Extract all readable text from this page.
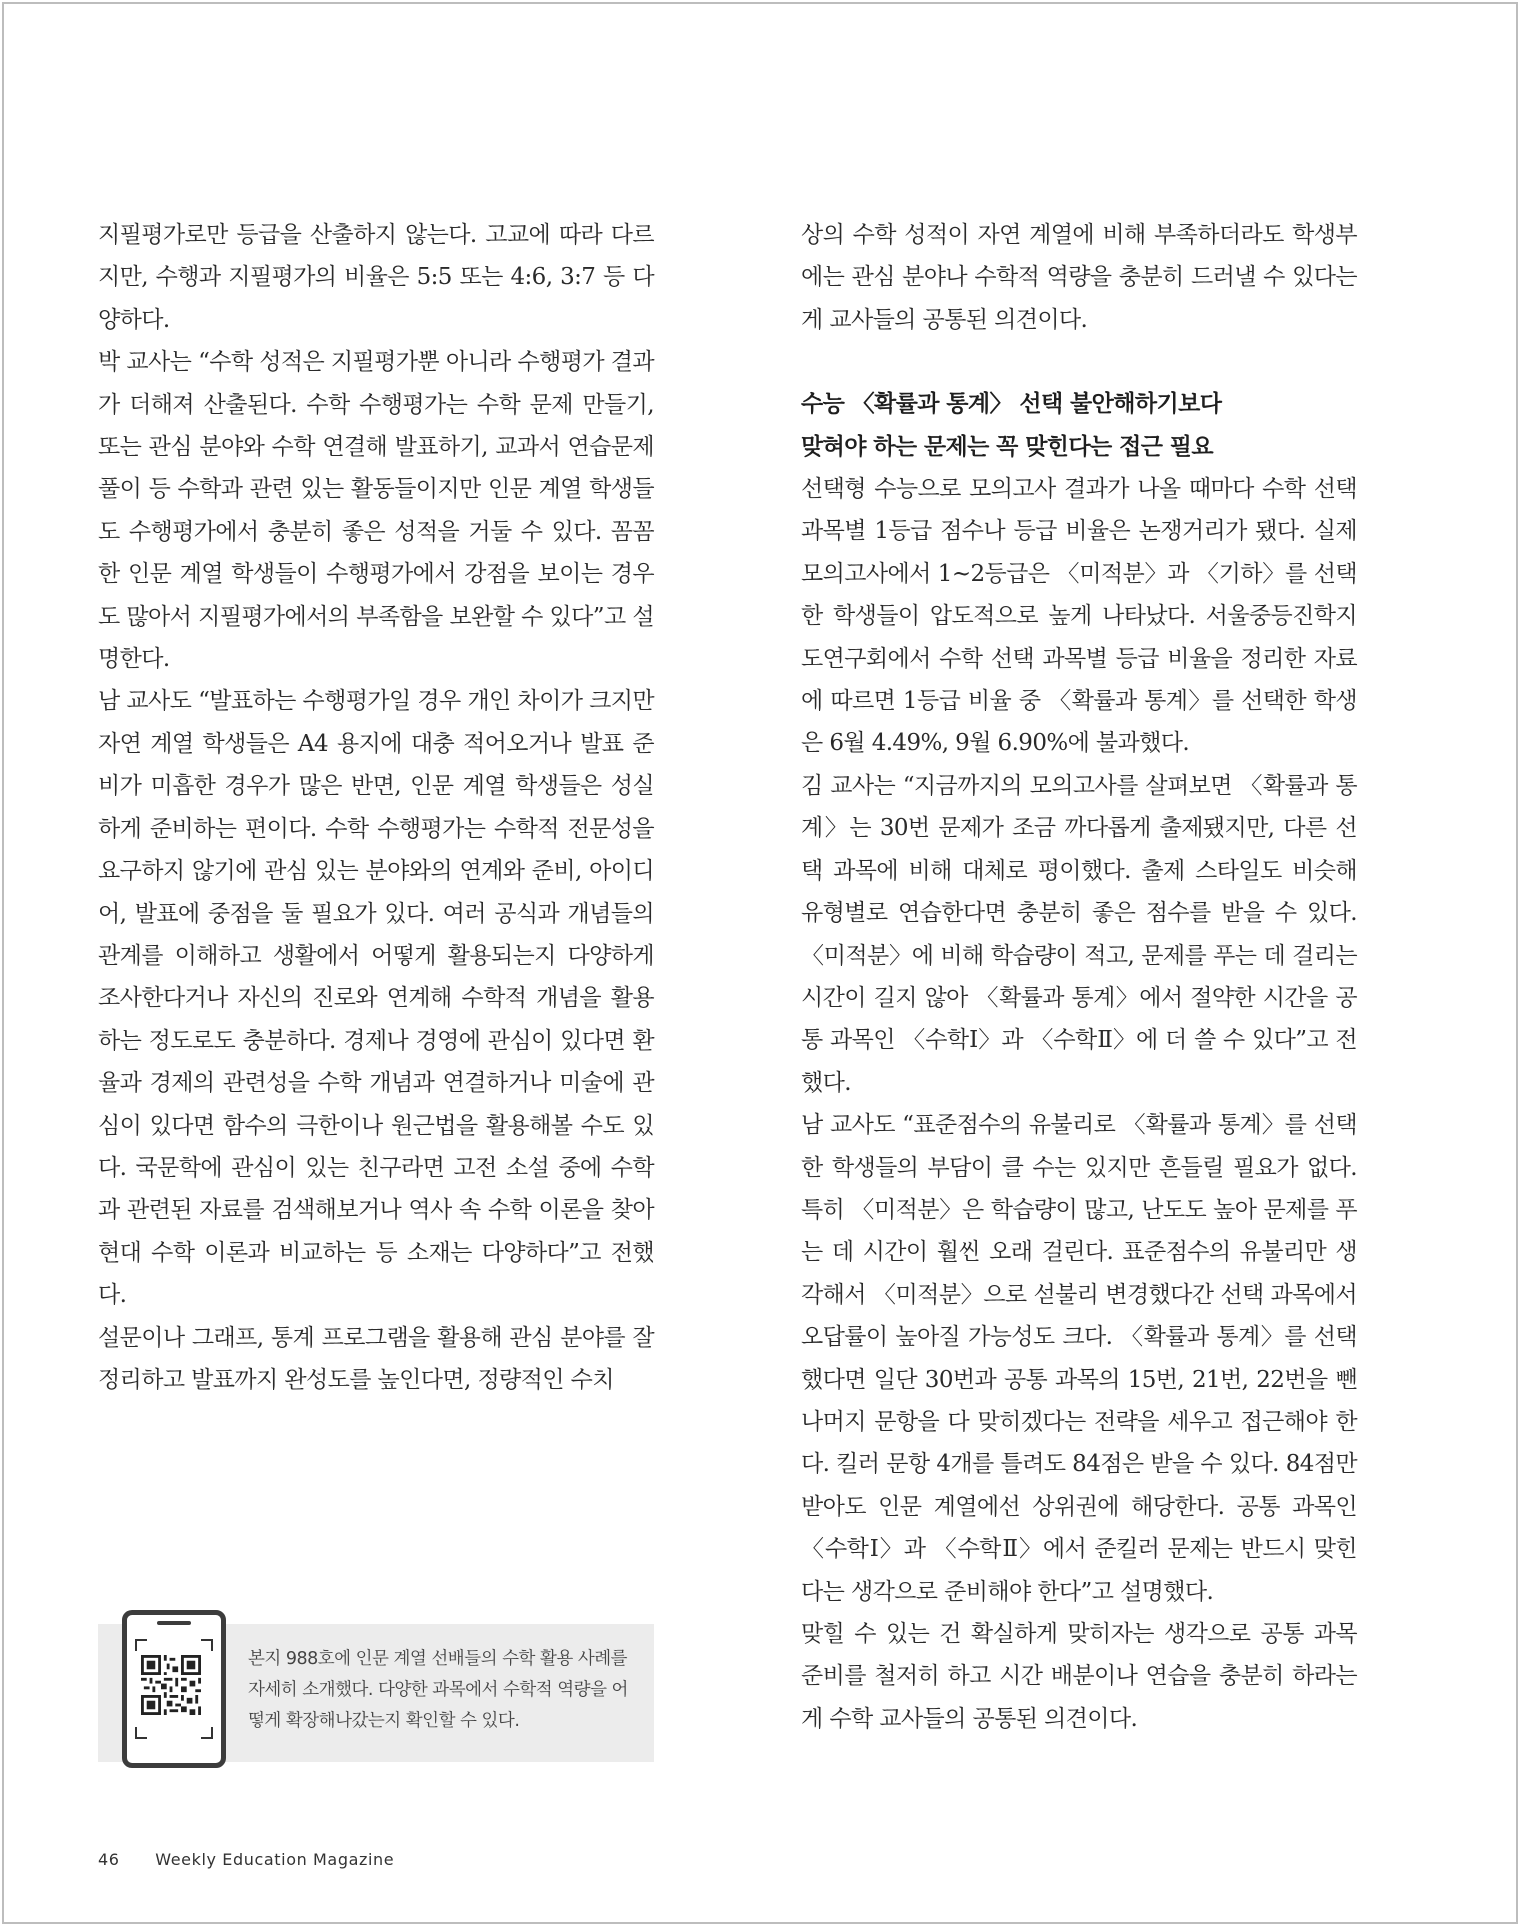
지필평가로만 등급을 산출하지 않는다. 고교에 따라 다르지만, 수행과 지필평가의 비율은 5:5 또는 4:6, 3:7 등 다양하다.

박 교사는 “수학 성적은 지필평가뿐 아니라 수행평가 결과가 더해져 산출된다. 수학 수행평가는 수학 문제 만들기, 또는 관심 분야와 수학 연결해 발표하기, 교과서 연습문제 풀이 등 수학과 관련 있는 활동들이지만 인문 계열 학생들도 수행평가에서 충분히 좋은 성적을 거둘 수 있다. 꼼꼼한 인문 계열 학생들이 수행평가에서 강점을 보이는 경우도 많아서 지필평가에서의 부족함을 보완할 수 있다”고 설명한다.

남 교사도 “발표하는 수행평가일 경우 개인 차이가 크지만 자연 계열 학생들은 A4 용지에 대충 적어오거나 발표 준비가 미흡한 경우가 많은 반면, 인문 계열 학생들은 성실하게 준비하는 편이다. 수학 수행평가는 수학적 전문성을 요구하지 않기에 관심 있는 분야와의 연계와 준비, 아이디어, 발표에 중점을 둘 필요가 있다. 여러 공식과 개념들의 관계를 이해하고 생활에서 어떻게 활용되는지 다양하게 조사한다거나 자신의 진로와 연계해 수학적 개념을 활용하는 정도로도 충분하다. 경제나 경영에 관심이 있다면 환율과 경제의 관련성을 수학 개념과 연결하거나 미술에 관심이 있다면 함수의 극한이나 원근법을 활용해볼 수도 있다. 국문학에 관심이 있는 친구라면 고전 소설 중에 수학과 관련된 자료를 검색해보거나 역사 속 수학 이론을 찾아 현대 수학 이론과 비교하는 등 소재는 다양하다”고 전했다.

설문이나 그래프, 통계 프로그램을 활용해 관심 분야를 잘 정리하고 발표까지 완성도를 높인다면, 정량적인 수치

상의 수학 성적이 자연 계열에 비해 부족하더라도 학생부에는 관심 분야나 수학적 역량을 충분히 드러낼 수 있다는 게 교사들의 공통된 의견이다.

수능 〈확률과 통계〉 선택 불안해하기보다

맞혀야 하는 문제는 꼭 맞힌다는 접근 필요

선택형 수능으로 모의고사 결과가 나올 때마다 수학 선택 과목별 1등급 점수나 등급 비율은 논쟁거리가 됐다. 실제 모의고사에서 1~2등급은 〈미적분〉과 〈기하〉를 선택한 학생들이 압도적으로 높게 나타났다. 서울중등진학지도연구회에서 수학 선택 과목별 등급 비율을 정리한 자료에 따르면 1등급 비율 중 〈확률과 통계〉를 선택한 학생은 6월 4.49%, 9월 6.90%에 불과했다.

김 교사는 “지금까지의 모의고사를 살펴보면 〈확률과 통계〉는 30번 문제가 조금 까다롭게 출제됐지만, 다른 선택 과목에 비해 대체로 평이했다. 출제 스타일도 비슷해 유형별로 연습한다면 충분히 좋은 점수를 받을 수 있다. 〈미적분〉에 비해 학습량이 적고, 문제를 푸는 데 걸리는 시간이 길지 않아 〈확률과 통계〉에서 절약한 시간을 공통 과목인 〈수학Ⅰ〉과 〈수학Ⅱ〉에 더 쓸 수 있다”고 전했다.

남 교사도 “표준점수의 유불리로 〈확률과 통계〉를 선택한 학생들의 부담이 클 수는 있지만 흔들릴 필요가 없다. 특히 〈미적분〉은 학습량이 많고, 난도도 높아 문제를 푸는 데 시간이 훨씬 오래 걸린다. 표준점수의 유불리만 생각해서 〈미적분〉으로 섣불리 변경했다간 선택 과목에서 오답률이 높아질 가능성도 크다. 〈확률과 통계〉를 선택했다면 일단 30번과 공통 과목의 15번, 21번, 22번을 뺀 나머지 문항을 다 맞히겠다는 전략을 세우고 접근해야 한다. 킬러 문항 4개를 틀려도 84점은 받을 수 있다. 84점만 받아도 인문 계열에선 상위권에 해당한다. 공통 과목인 〈수학Ⅰ〉과 〈수학Ⅱ〉에서 준킬러 문제는 반드시 맞힌다는 생각으로 준비해야 한다”고 설명했다.

맞힐 수 있는 건 확실하게 맞히자는 생각으로 공통 과목 준비를 철저히 하고 시간 배분이나 연습을 충분히 하라는 게 수학 교사들의 공통된 의견이다.

본지 988호에 인문 계열 선배들의 수학 활용 사례를 자세히 소개했다. 다양한 과목에서 수학적 역량을 어떻게 확장해나갔는지 확인할 수 있다.
46 Weekly Education Magazine
